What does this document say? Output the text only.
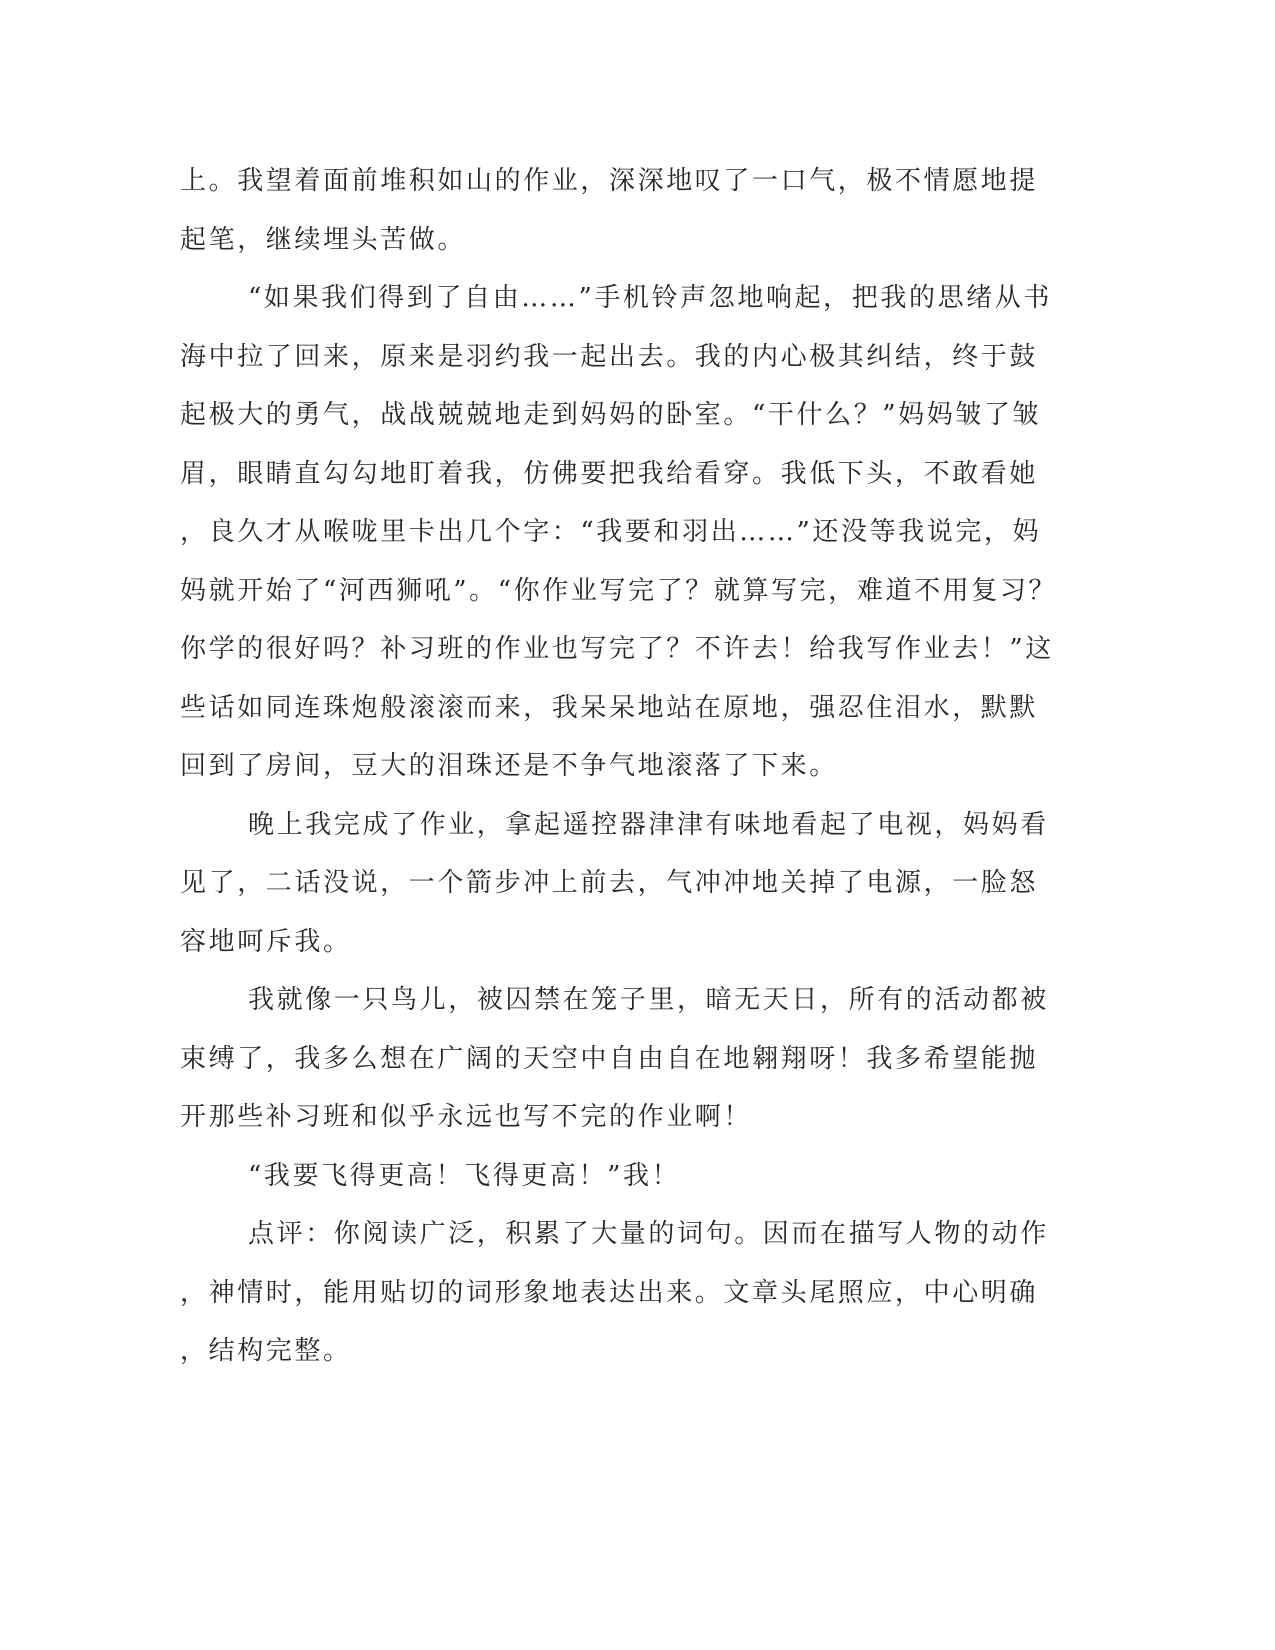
上。我望着面前堆积如山的作业，深深地叹了一口气，极不情愿地提

起笔，继续埋头苦做。

“如果我们得到了自由……”手机铃声忽地响起，把我的思绪从书

海中拉了回来，原来是羽约我一起出去。我的内心极其纠结，终于鼓

起极大的勇气，战战兢兢地走到妈妈的卧室。“干什么？”妈妈皱了皱

眉，眼睛直勾勾地盯着我，仿佛要把我给看穿。我低下头，不敢看她

，良久才从喉咙里卡出几个字：“我要和羽出……”还没等我说完，妈

妈就开始了“河西狮吼”。“你作业写完了？就算写完，难道不用复习？

你学的很好吗？补习班的作业也写完了？不许去！给我写作业去！”这

些话如同连珠炮般滚滚而来，我呆呆地站在原地，强忍住泪水，默默

回到了房间，豆大的泪珠还是不争气地滚落了下来。

晚上我完成了作业，拿起遥控器津津有味地看起了电视，妈妈看

见了，二话没说，一个箭步冲上前去，气冲冲地关掉了电源，一脸怒

容地呵斥我。

我就像一只鸟儿，被囚禁在笼子里，暗无天日，所有的活动都被

束缚了，我多么想在广阔的天空中自由自在地翱翔呀！我多希望能抛

开那些补习班和似乎永远也写不完的作业啊！

“我要飞得更高！飞得更高！”我！

点评：你阅读广泛，积累了大量的词句。因而在描写人物的动作

，神情时，能用贴切的词形象地表达出来。文章头尾照应，中心明确

，结构完整。
